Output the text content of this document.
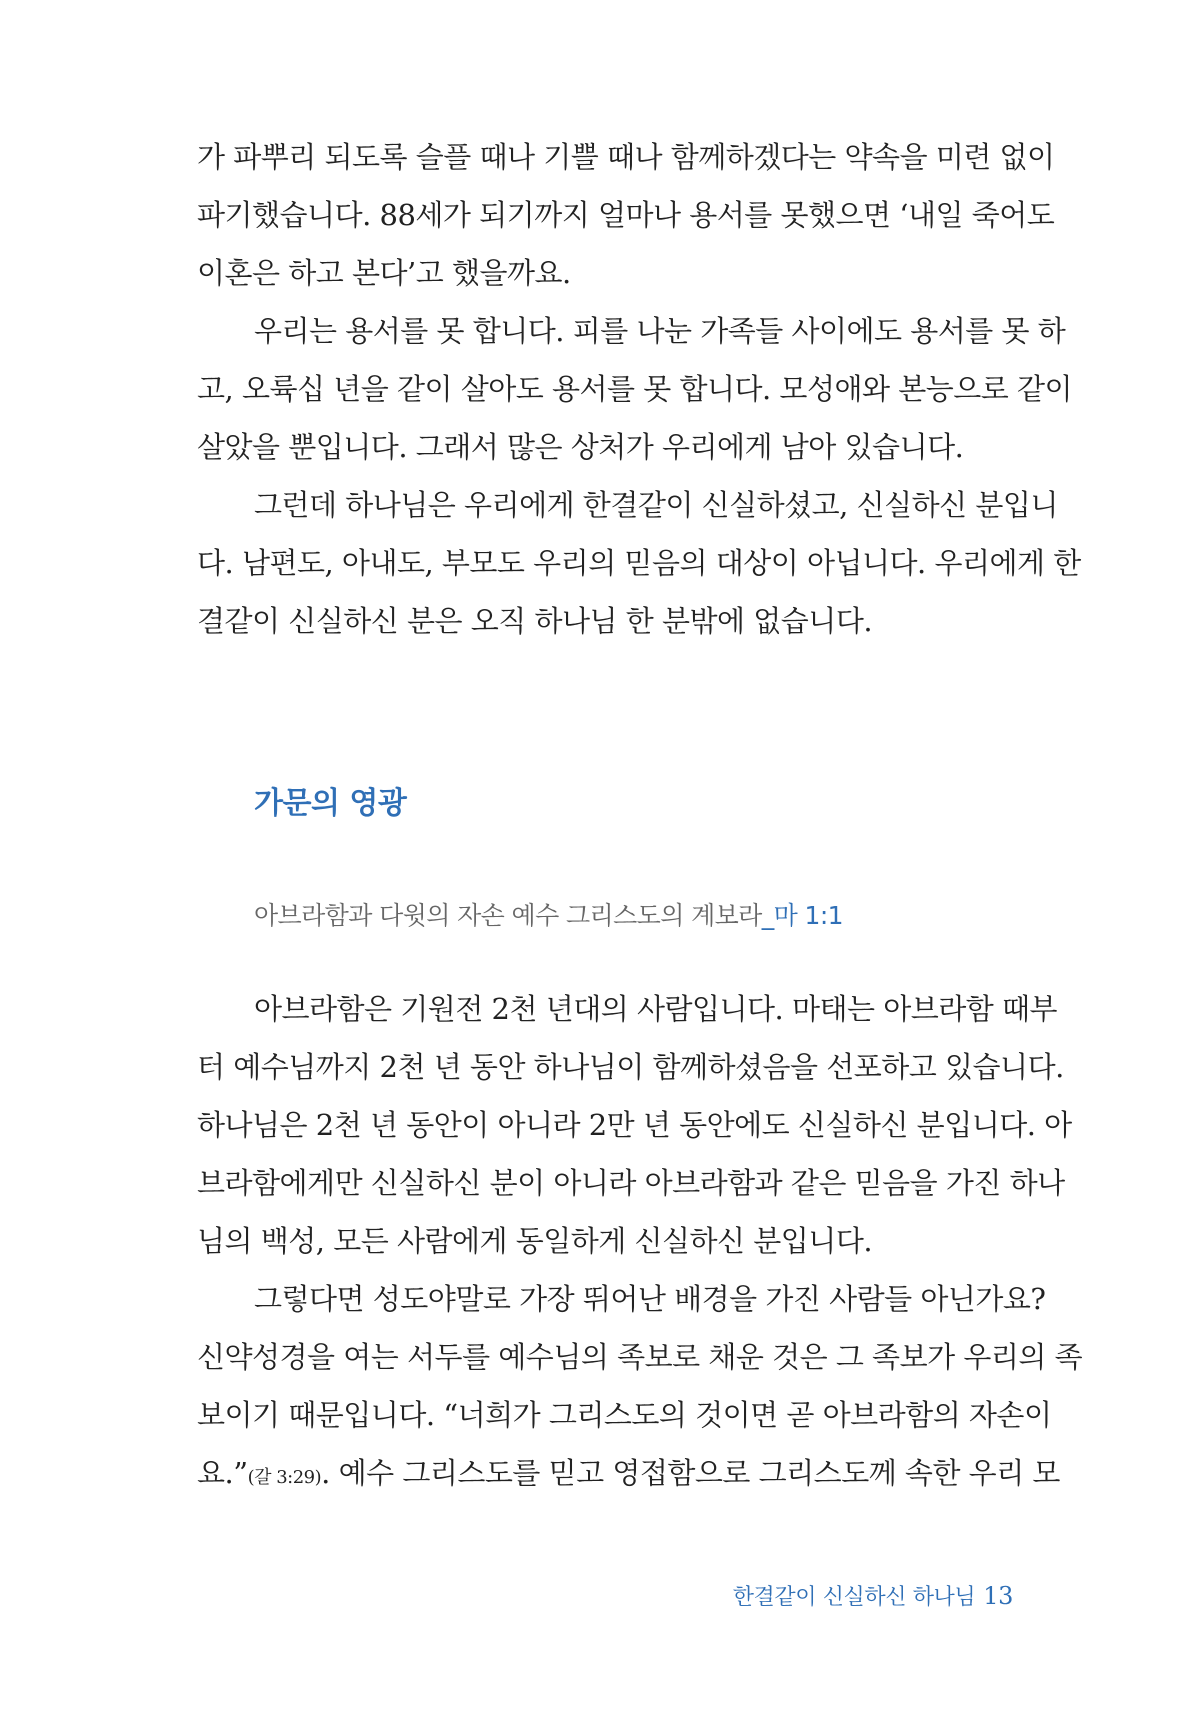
가 파뿌리 되도록 슬플 때나 기쁠 때나 함께하겠다는 약속을 미련 없이
파기했습니다. 88세가 되기까지 얼마나 용서를 못했으면 ‘내일 죽어도
이혼은 하고 본다’고 했을까요.
우리는 용서를 못 합니다. 피를 나눈 가족들 사이에도 용서를 못 하
고, 오륙십 년을 같이 살아도 용서를 못 합니다. 모성애와 본능으로 같이
살았을 뿐입니다. 그래서 많은 상처가 우리에게 남아 있습니다.
그런데 하나님은 우리에게 한결같이 신실하셨고, 신실하신 분입니
다. 남편도, 아내도, 부모도 우리의 믿음의 대상이 아닙니다. 우리에게 한
결같이 신실하신 분은 오직 하나님 한 분밖에 없습니다.
가문의 영광
아브라함과 다윗의 자손 예수 그리스도의 계보라_마 1:1
아브라함은 기원전 2천 년대의 사람입니다. 마태는 아브라함 때부
터 예수님까지 2천 년 동안 하나님이 함께하셨음을 선포하고 있습니다.
하나님은 2천 년 동안이 아니라 2만 년 동안에도 신실하신 분입니다. 아
브라함에게만 신실하신 분이 아니라 아브라함과 같은 믿음을 가진 하나
님의 백성, 모든 사람에게 동일하게 신실하신 분입니다.
그렇다면 성도야말로 가장 뛰어난 배경을 가진 사람들 아닌가요?
신약성경을 여는 서두를 예수님의 족보로 채운 것은 그 족보가 우리의 족
보이기 때문입니다. “너희가 그리스도의 것이면 곧 아브라함의 자손이
요.”(갈 3:29). 예수 그리스도를 믿고 영접함으로 그리스도께 속한 우리 모
한결같이 신실하신 하나님 13
